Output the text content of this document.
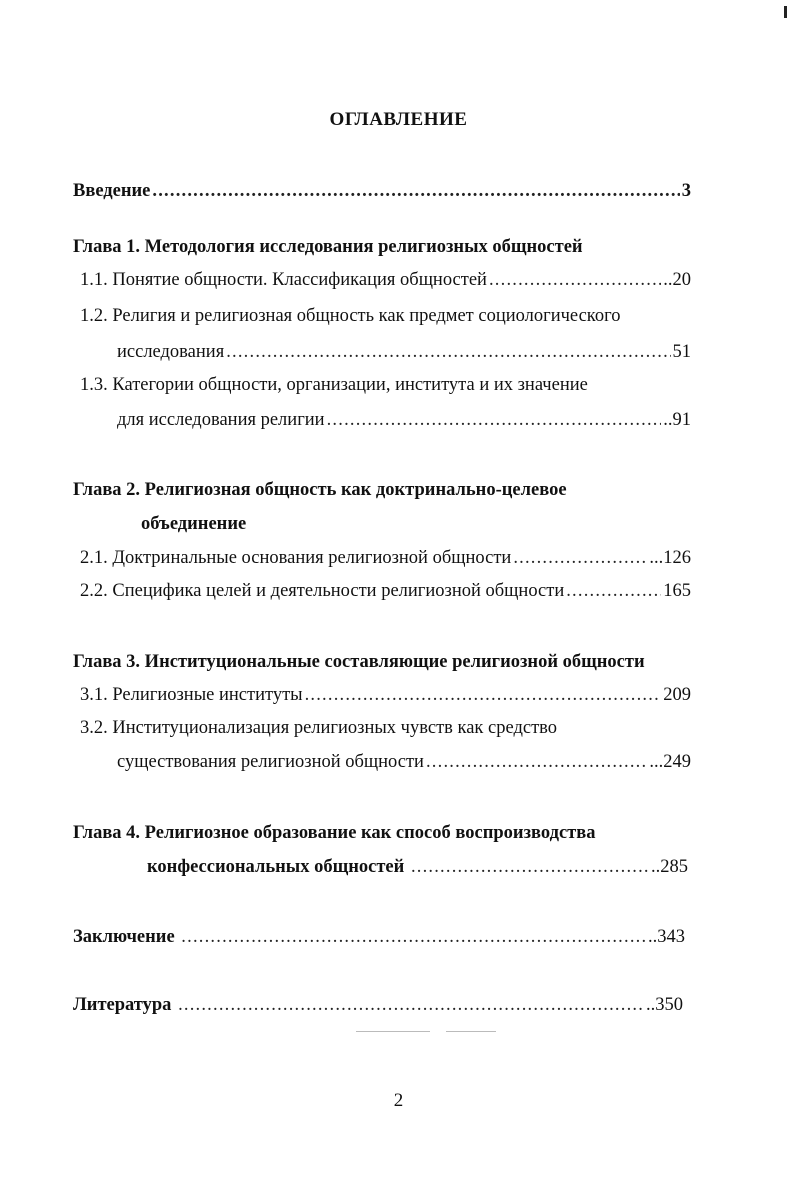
ОГЛАВЛЕНИЕ
Введение .....	3
Глава 1. Методология исследования религиозных общностей
1.1. Понятие общности. Классификация общностей .....	..20
1.2. Религия и религиозная общность как предмет социологического
исследования .....	51
1.3. Категории общности, организации, института и их значение
для исследования религии .....	..91
Глава 2. Религиозная общность как доктринально-целевое
объединение
2.1. Доктринальные основания религиозной общности .....	...126
2.2. Специфика целей и деятельности религиозной общности .....	165
Глава 3. Институциональные составляющие религиозной общности
3.1. Религиозные институты .....	209
3.2. Институционализация религиозных чувств как средство
существования религиозной общности .....	...249
Глава 4. Религиозное образование как способ воспроизводства
конфессиональных общностей .....	..285
Заключение .....	..343
Литература .....	..350
2
